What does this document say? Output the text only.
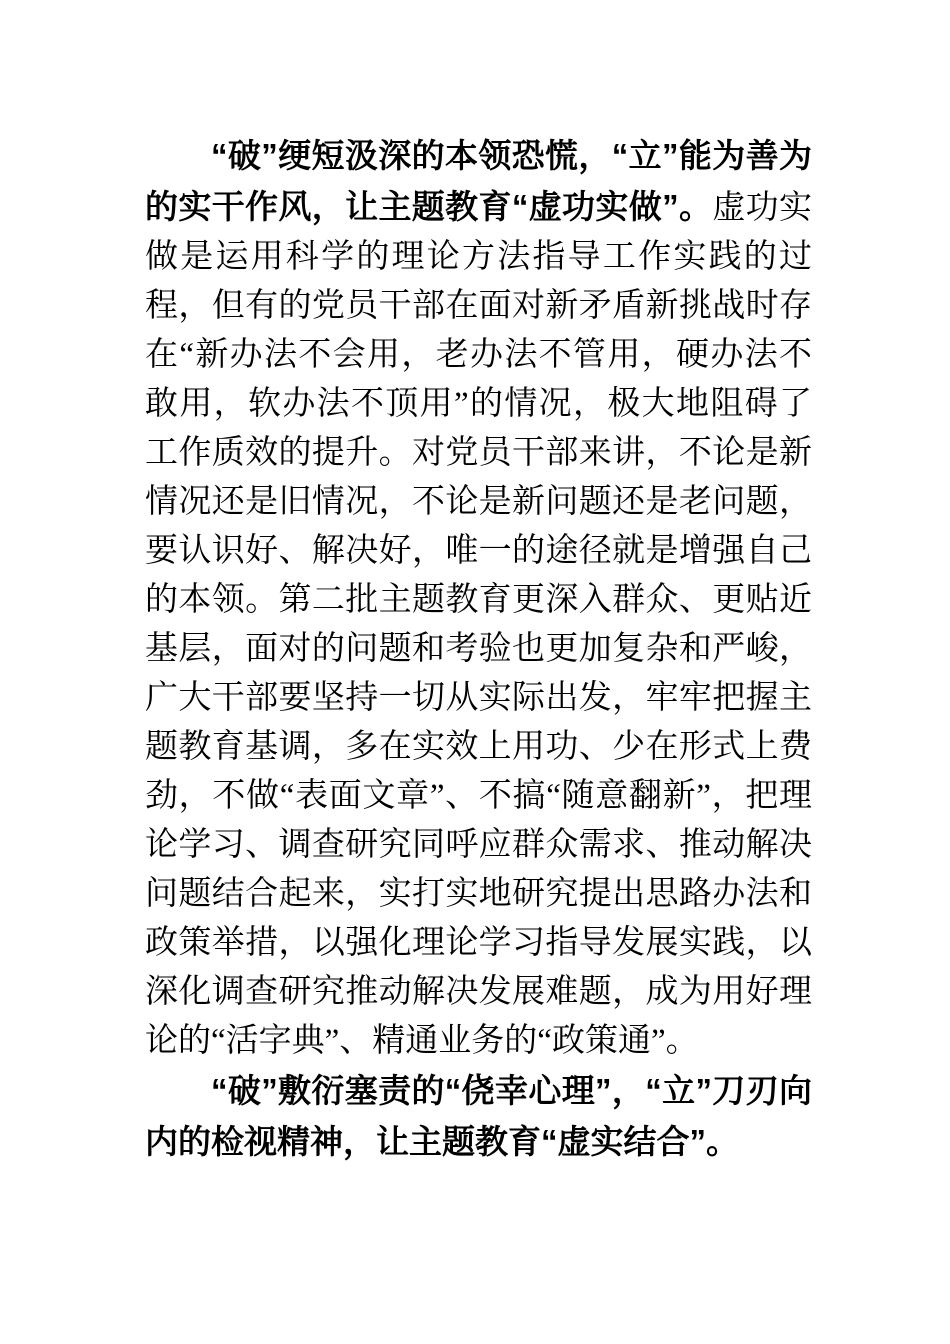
“破”绠短汲深的本领恐慌，“立”能为善为的实干作风，让主题教育“虚功实做”。虚功实做是运用科学的理论方法指导工作实践的过程，但有的党员干部在面对新矛盾新挑战时存在“新办法不会用，老办法不管用，硬办法不敢用，软办法不顶用”的情况，极大地阻碍了工作质效的提升。对党员干部来讲，不论是新情况还是旧情况，不论是新问题还是老问题，要认识好、解决好，唯一的途径就是增强自己的本领。第二批主题教育更深入群众、更贴近基层，面对的问题和考验也更加复杂和严峻，广大干部要坚持一切从实际出发，牢牢把握主题教育基调，多在实效上用功、少在形式上费劲，不做“表面文章”、不搞“随意翻新”，把理论学习、调查研究同呼应群众需求、推动解决问题结合起来，实打实地研究提出思路办法和政策举措，以强化理论学习指导发展实践，以深化调查研究推动解决发展难题，成为用好理论的“活字典”、精通业务的“政策通”。

“破”敷衍塞责的“侥幸心理”，“立”刀刃向内的检视精神，让主题教育“虚实结合”。
